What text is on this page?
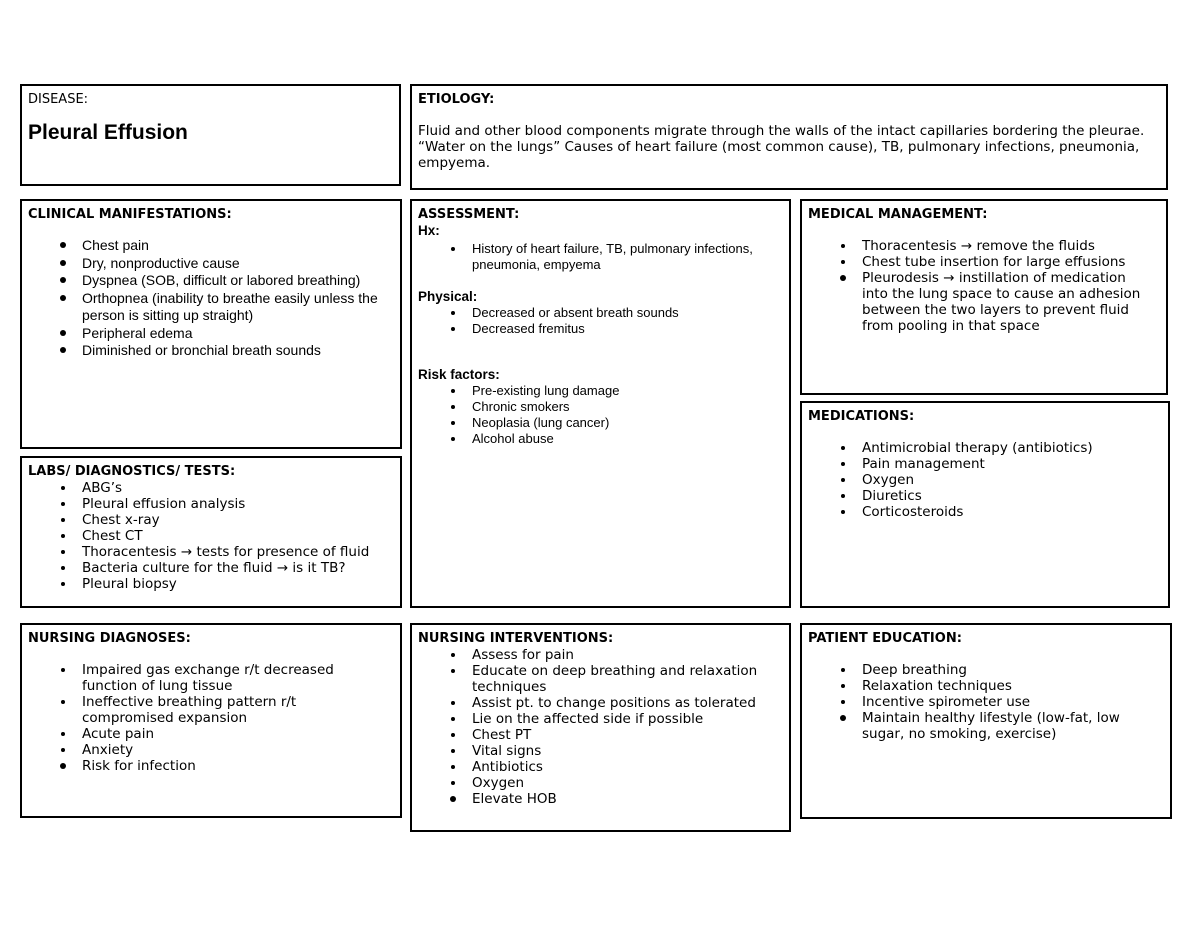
DISEASE:
Pleural Effusion
ETIOLOGY:
Fluid and other blood components migrate through the walls of the intact capillaries bordering the pleurae. “Water on the lungs” Causes of heart failure (most common cause), TB, pulmonary infections, pneumonia, empyema.
CLINICAL MANIFESTATIONS:
Chest pain
Dry, nonproductive cause
Dyspnea (SOB, difficult or labored breathing)
Orthopnea (inability to breathe easily unless the person is sitting up straight)
Peripheral edema
Diminished or bronchial breath sounds
LABS/ DIAGNOSTICS/ TESTS:
ABG’s
Pleural effusion analysis
Chest x-ray
Chest CT
Thoracentesis → tests for presence of fluid
Bacteria culture for the fluid → is it TB?
Pleural biopsy
ASSESSMENT:
Hx:
History of heart failure, TB, pulmonary infections, pneumonia, empyema
Physical:
Decreased or absent breath sounds
Decreased fremitus
Risk factors:
Pre-existing lung damage
Chronic smokers
Neoplasia (lung cancer)
Alcohol abuse
MEDICAL MANAGEMENT:
Thoracentesis → remove the fluids
Chest tube insertion for large effusions
Pleurodesis → instillation of medication into the lung space to cause an adhesion between the two layers to prevent fluid from pooling in that space
MEDICATIONS:
Antimicrobial therapy (antibiotics)
Pain management
Oxygen
Diuretics
Corticosteroids
NURSING DIAGNOSES:
Impaired gas exchange r/t decreased function of lung tissue
Ineffective breathing pattern r/t compromised expansion
Acute pain
Anxiety
Risk for infection
NURSING INTERVENTIONS:
Assess for pain
Educate on deep breathing and relaxation techniques
Assist pt. to change positions as tolerated
Lie on the affected side if possible
Chest PT
Vital signs
Antibiotics
Oxygen
Elevate HOB
PATIENT EDUCATION:
Deep breathing
Relaxation techniques
Incentive spirometer use
Maintain healthy lifestyle (low-fat, low sugar, no smoking, exercise)
